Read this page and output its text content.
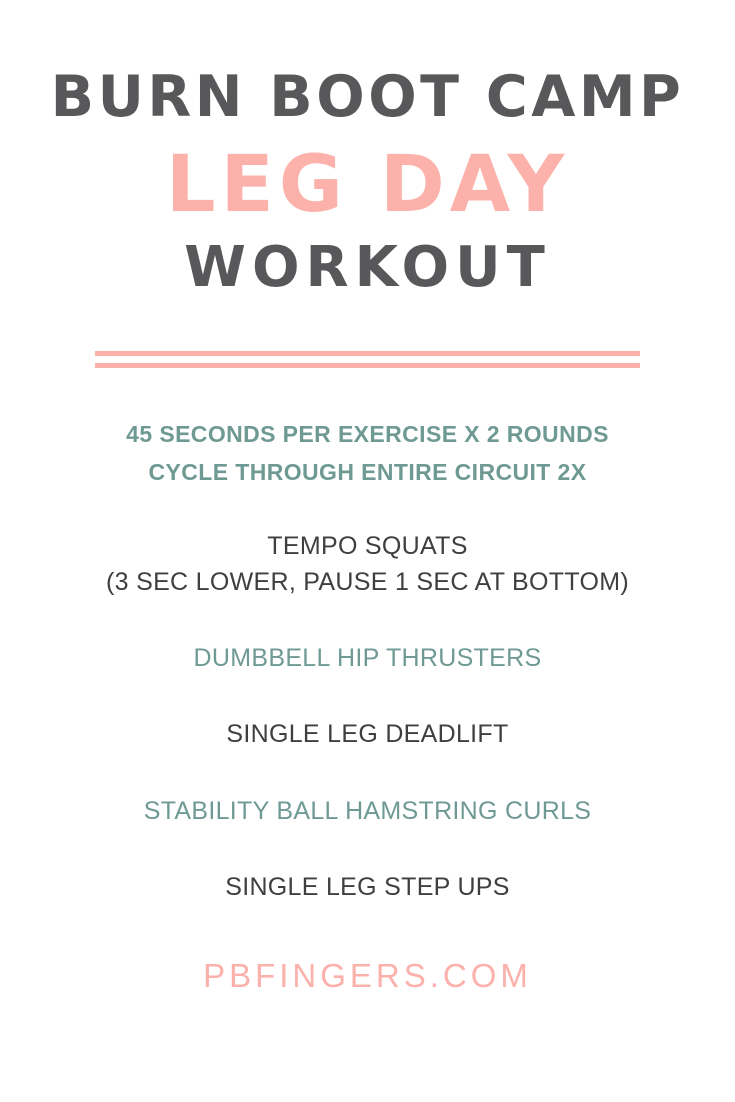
BURN BOOT CAMP
LEG DAY
WORKOUT
45 SECONDS PER EXERCISE X 2 ROUNDS
CYCLE THROUGH ENTIRE CIRCUIT 2X
TEMPO SQUATS
(3 SEC LOWER, PAUSE 1 SEC AT BOTTOM)
DUMBBELL HIP THRUSTERS
SINGLE LEG DEADLIFT
STABILITY BALL HAMSTRING CURLS
SINGLE LEG STEP UPS
PBFINGERS.COM
